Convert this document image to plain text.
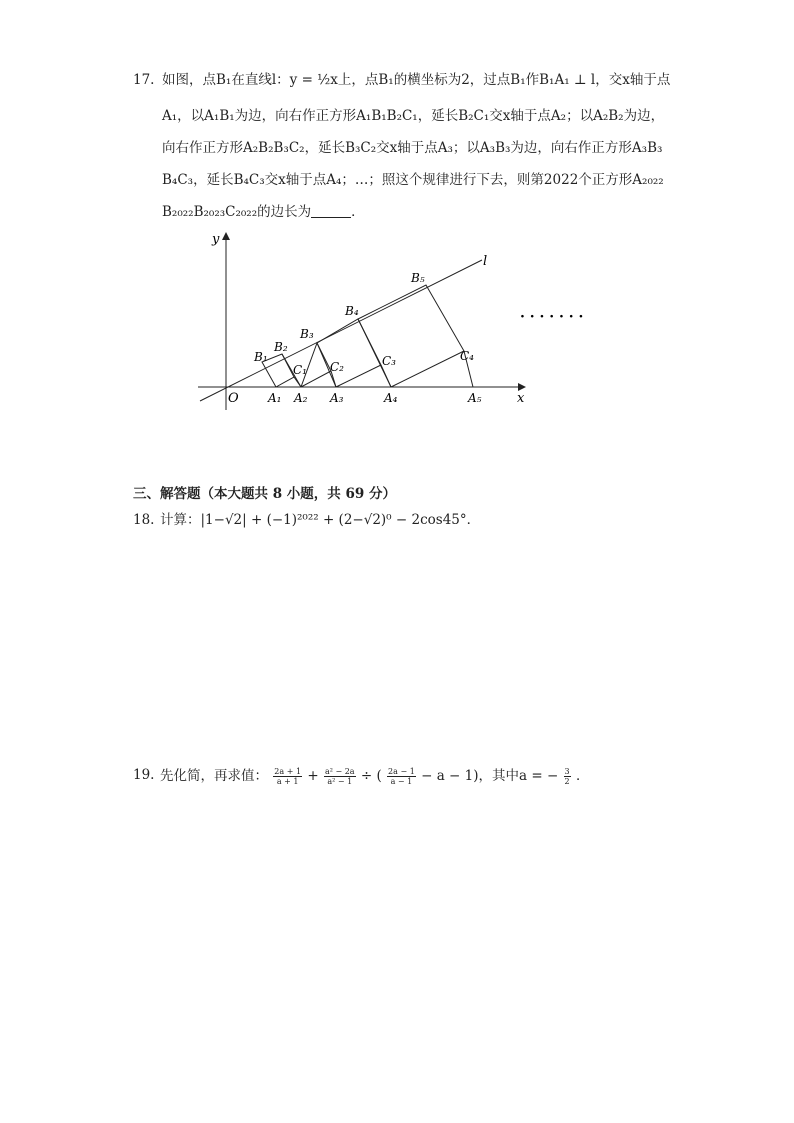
17. 如图，点B₁在直线l：y = ½x上，点B₁的横坐标为2，过点B₁作B₁A₁ ⊥ l，交x轴于点
A₁，以A₁B₁为边，向右作正方形A₁B₁B₂C₁，延长B₂C₁交x轴于点A₂；以A₂B₂为边，
向右作正方形A₂B₂B₃C₂，延长B₃C₂交x轴于点A₃；以A₃B₃为边，向右作正方形A₃B₃
B₄C₃，延长B₄C₃交x轴于点A₄；…；照这个规律进行下去，则第2022个正方形A₂₀₂₂
B₂₀₂₂B₂₀₂₃C₂₀₂₂的边长为	．
y
x
O
l
B₁
B₂
B₃
B₄
B₅
C₁ C₂	C₃	C₄
A₁ A₂ A₃	A₄	A₅
· · · · · · ·
三、解答题（本大题共 8 小题，共 69 分）
18. 计算：|1−√2| + (−1)²⁰²² + (2−√2)⁰ − 2cos45°．
19. 先化简，再求值： $\frac{2a + 1}{a + 1} + \frac{\text{a² − 2a}}{\text{a² − 1}}$ ÷ ( $\frac{2a - 1}{a - 1} - a - 1$)，其中a = − $\frac{3}{2}$ ．
